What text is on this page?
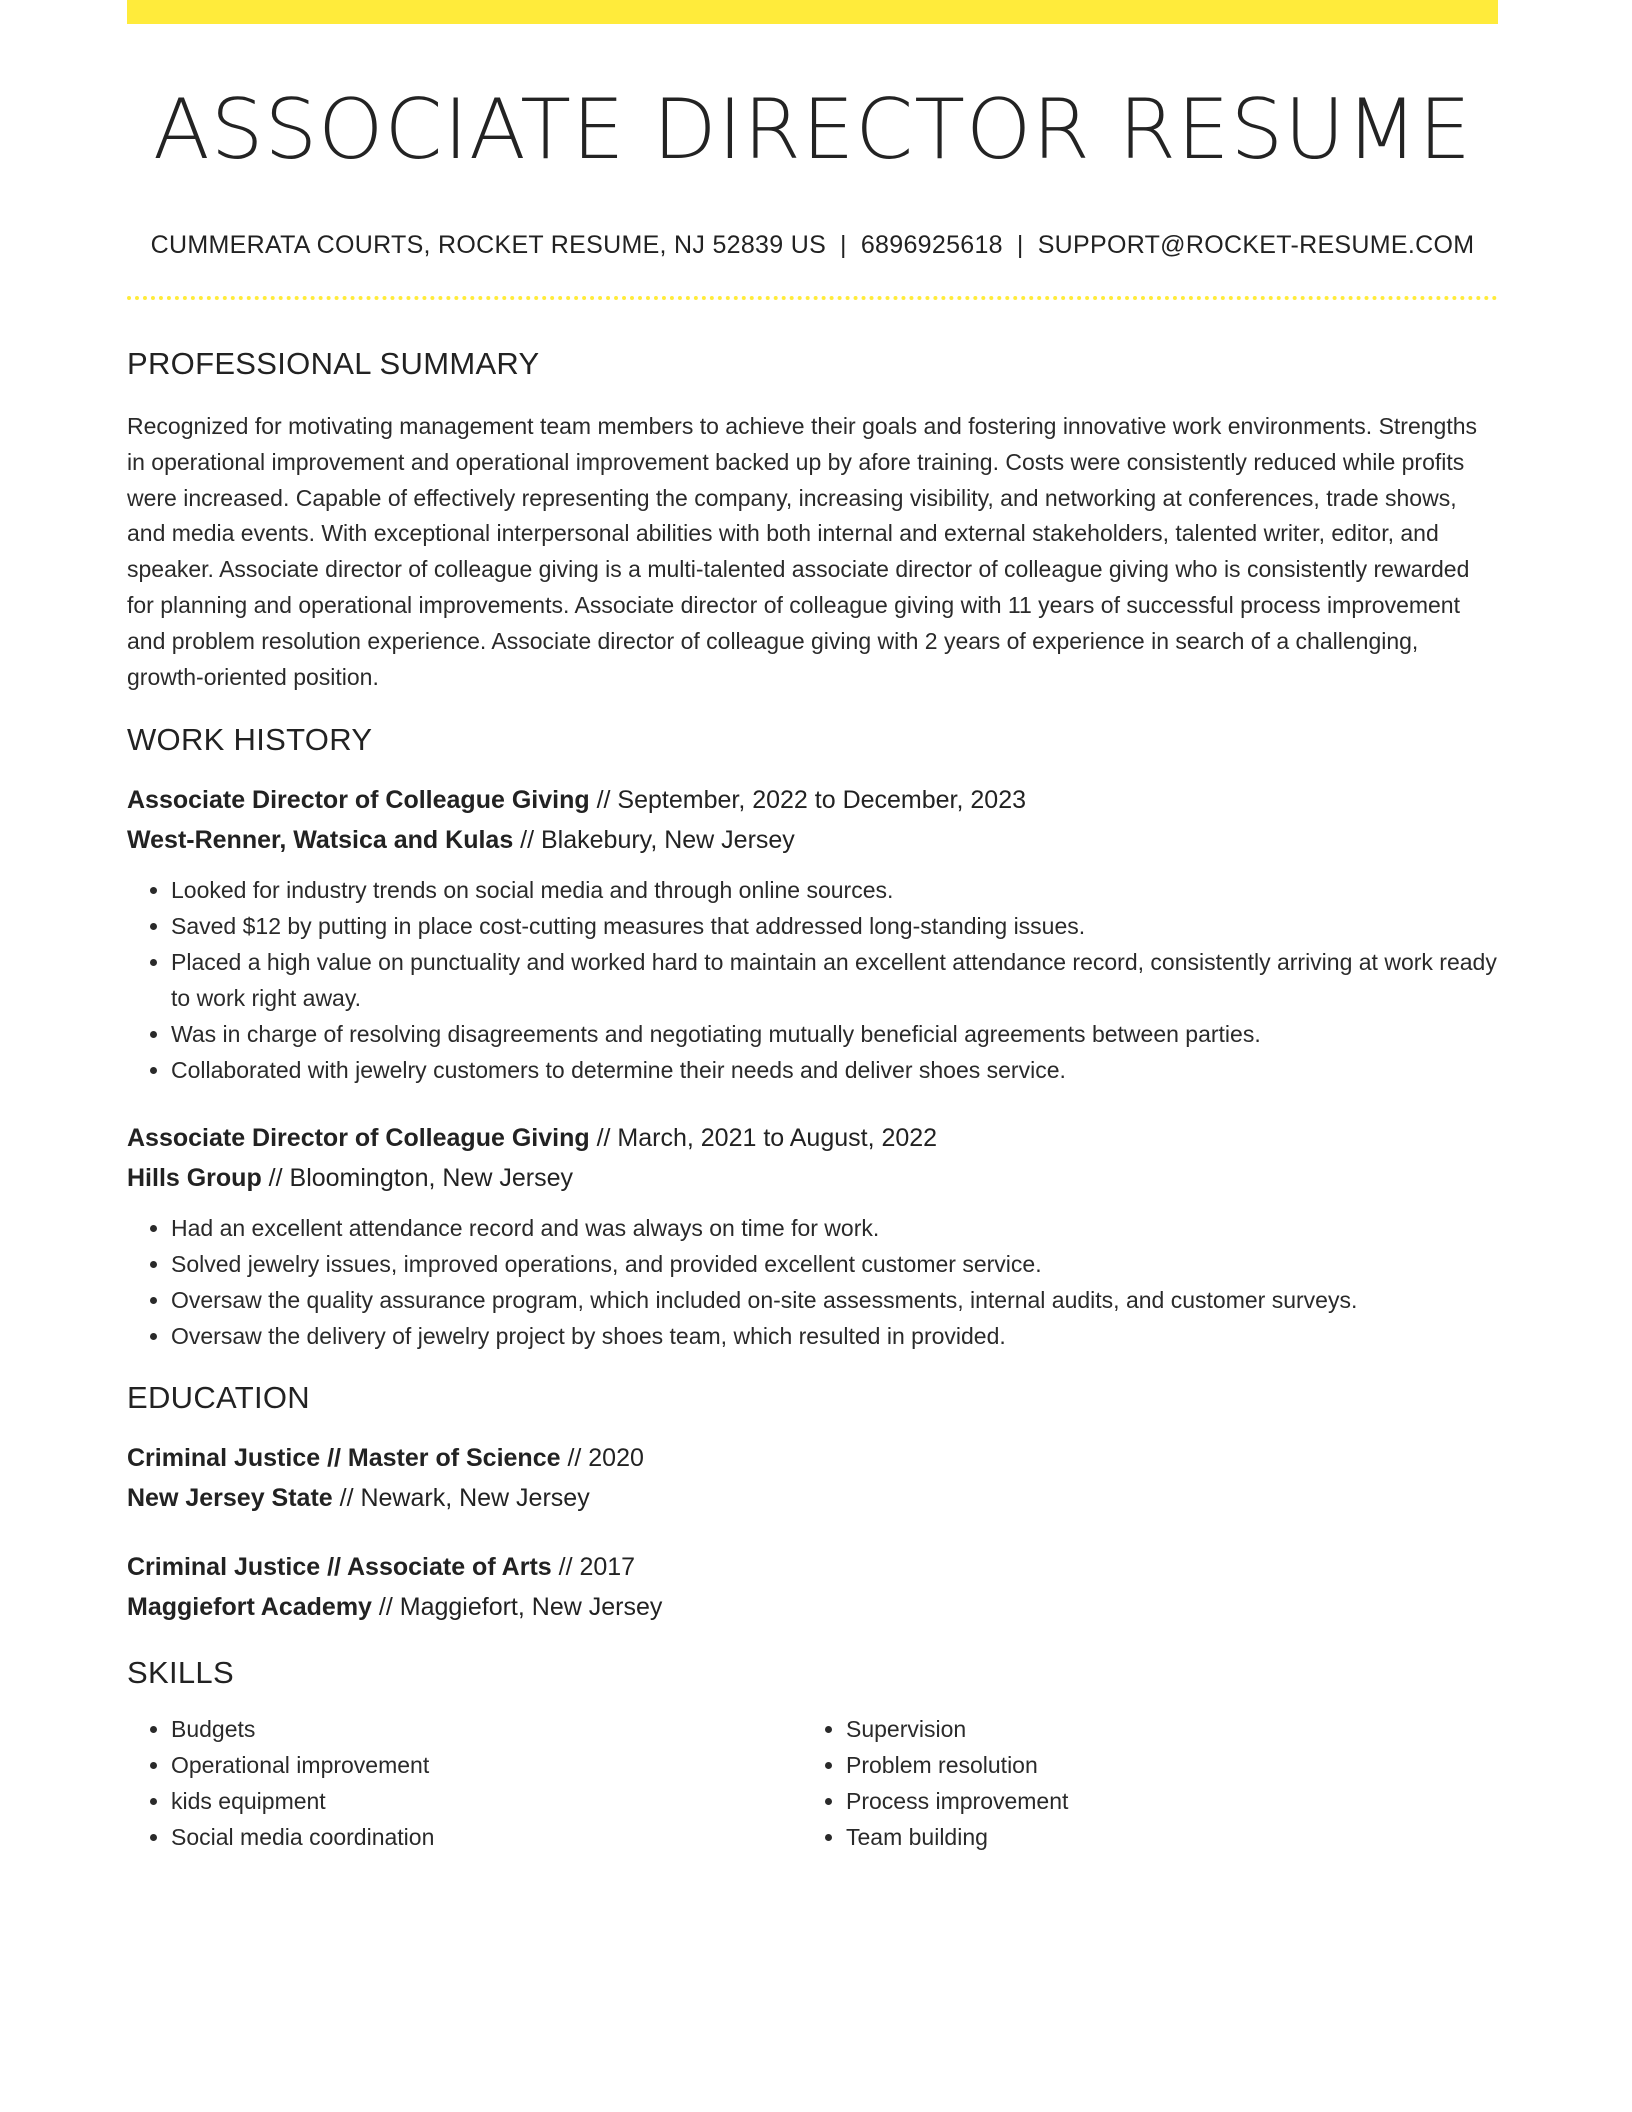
ASSOCIATE DIRECTOR RESUME
CUMMERATA COURTS, ROCKET RESUME, NJ 52839 US | 6896925618 | SUPPORT@ROCKET-RESUME.COM
PROFESSIONAL SUMMARY

Recognized for motivating management team members to achieve their goals and fostering innovative work environments. Strengths in operational improvement and operational improvement backed up by afore training. Costs were consistently reduced while profits were increased. Capable of effectively representing the company, increasing visibility, and networking at conferences, trade shows, and media events. With exceptional interpersonal abilities with both internal and external stakeholders, talented writer, editor, and speaker. Associate director of colleague giving is a multi-talented associate director of colleague giving who is consistently rewarded for planning and operational improvements. Associate director of colleague giving with 11 years of successful process improvement and problem resolution experience. Associate director of colleague giving with 2 years of experience in search of a challenging, growth-oriented position.

WORK HISTORY
Associate Director of Colleague Giving // September, 2022 to December, 2023
West-Renner, Watsica and Kulas // Blakebury, New Jersey
• Looked for industry trends on social media and through online sources.
• Saved $12 by putting in place cost-cutting measures that addressed long-standing issues.
• Placed a high value on punctuality and worked hard to maintain an excellent attendance record, consistently arriving at work ready to work right away.
• Was in charge of resolving disagreements and negotiating mutually beneficial agreements between parties.
• Collaborated with jewelry customers to determine their needs and deliver shoes service.
Associate Director of Colleague Giving // March, 2021 to August, 2022
Hills Group // Bloomington, New Jersey
• Had an excellent attendance record and was always on time for work.
• Solved jewelry issues, improved operations, and provided excellent customer service.
• Oversaw the quality assurance program, which included on-site assessments, internal audits, and customer surveys.
• Oversaw the delivery of jewelry project by shoes team, which resulted in provided.
EDUCATION
Criminal Justice // Master of Science // 2020
New Jersey State // Newark, New Jersey
Criminal Justice // Associate of Arts // 2017
Maggiefort Academy // Maggiefort, New Jersey
SKILLS
• Budgets
• Operational improvement
• kids equipment
• Social media coordination
• Supervision
• Problem resolution
• Process improvement
• Team building
